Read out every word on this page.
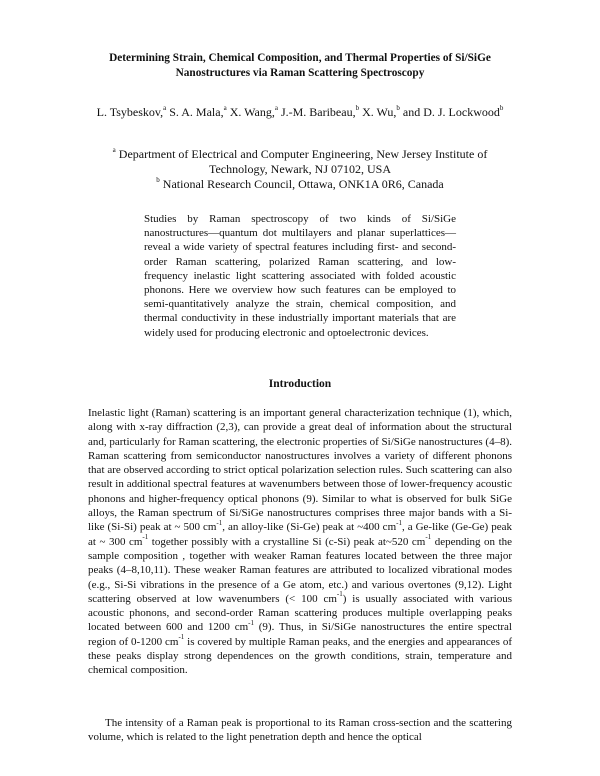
Determining Strain, Chemical Composition, and Thermal Properties of Si/SiGe
Nanostructures via Raman Scattering Spectroscopy
L. Tsybeskov,$^a$ S. A. Mala,$^a$ X. Wang,$^a$ J.-M. Baribeau,$^b$ X. Wu,$^b$ and D. J. Lockwood$^b$
$^a$ Department of Electrical and Computer Engineering, New Jersey Institute of
Technology, Newark, NJ 07102, USA
$^b$ National Research Council, Ottawa, ONK1A 0R6, Canada
Studies by Raman spectroscopy of two kinds of Si/SiGe nanostructures—quantum dot multilayers and planar superlattices—reveal a wide variety of spectral features including first- and second-order Raman scattering, polarized Raman scattering, and low-frequency inelastic light scattering associated with folded acoustic phonons. Here we overview how such features can be employed to semi-quantitatively analyze the strain, chemical composition, and thermal conductivity in these industrially important materials that are widely used for producing electronic and optoelectronic devices.
Introduction

Inelastic light (Raman) scattering is an important general characterization technique (1), which, along with x-ray diffraction (2,3), can provide a great deal of information about the structural and, particularly for Raman scattering, the electronic properties of Si/SiGe nanostructures (4–8). Raman scattering from semiconductor nanostructures involves a variety of different phonons that are observed according to strict optical polarization selection rules. Such scattering can also result in additional spectral features at wavenumbers between those of lower-frequency acoustic phonons and higher-frequency optical phonons (9). Similar to what is observed for bulk SiGe alloys, the Raman spectrum of Si/SiGe nanostructures comprises three major bands with a Si-like (Si-Si) peak at ~ 500 $cm^{-1}$, an alloy-like (Si-Ge) peak at ~400 $cm^{-1}$, a Ge-like (Ge-Ge) peak at ~ 300 $cm^{-1}$ together possibly with a crystalline Si (c-Si) peak at~520 $cm^{-1}$ depending on the sample composition , together with weaker Raman features located between the three major peaks (4–8,10,11). These weaker Raman features are attributed to localized vibrational modes (e.g., Si-Si vibrations in the presence of a Ge atom, etc.) and various overtones (9,12). Light scattering observed at low wavenumbers (< 100 $cm^{-1}$) is usually associated with various acoustic phonons, and second-order Raman scattering produces multiple overlapping peaks located between 600 and 1200 $cm^{-1}$ (9). Thus, in Si/SiGe nanostructures the entire spectral region of 0-1200 $cm^{-1}$ is covered by multiple Raman peaks, and the energies and appearances of these peaks display strong dependences on the growth conditions, strain, temperature and chemical composition.

The intensity of a Raman peak is proportional to its Raman cross-section and the scattering volume, which is related to the light penetration depth and hence the optical
